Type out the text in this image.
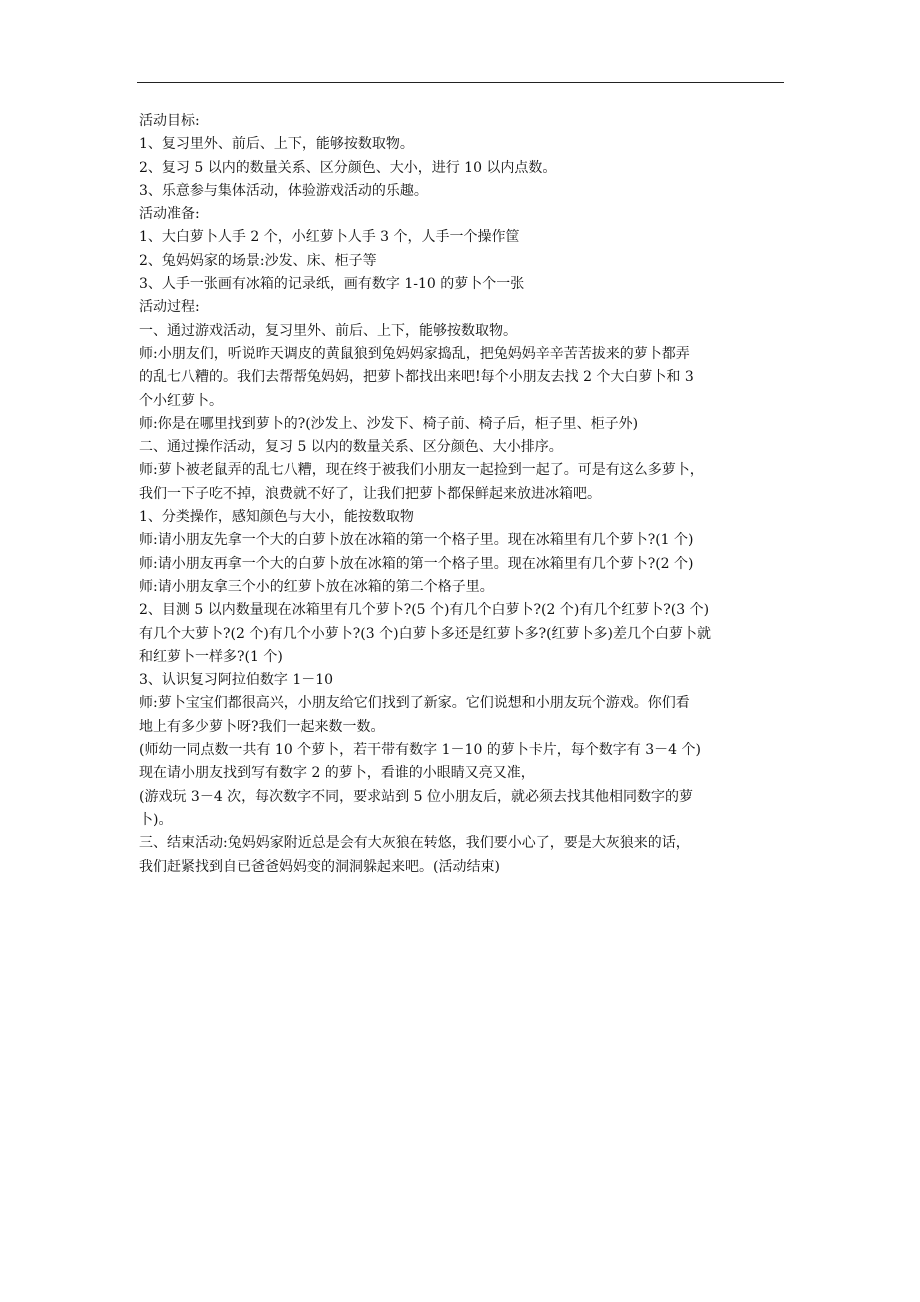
活动目标:
1、复习里外、前后、上下，能够按数取物。
2、复习 5 以内的数量关系、区分颜色、大小，进行 10 以内点数。
3、乐意参与集体活动，体验游戏活动的乐趣。
活动准备:
1、大白萝卜人手 2 个，小红萝卜人手 3 个，人手一个操作筐
2、兔妈妈家的场景:沙发、床、柜子等
3、人手一张画有冰箱的记录纸，画有数字 1-10 的萝卜个一张
活动过程:
一、通过游戏活动，复习里外、前后、上下，能够按数取物。
师:小朋友们，听说昨天调皮的黄鼠狼到兔妈妈家捣乱，把兔妈妈辛辛苦苦拔来的萝卜都弄
的乱七八糟的。我们去帮帮兔妈妈，把萝卜都找出来吧!每个小朋友去找 2 个大白萝卜和 3
个小红萝卜。
师:你是在哪里找到萝卜的?(沙发上、沙发下、椅子前、椅子后，柜子里、柜子外)
二、通过操作活动，复习 5 以内的数量关系、区分颜色、大小排序。
师:萝卜被老鼠弄的乱七八糟，现在终于被我们小朋友一起捡到一起了。可是有这么多萝卜，
我们一下子吃不掉，浪费就不好了，让我们把萝卜都保鲜起来放进冰箱吧。
1、分类操作，感知颜色与大小，能按数取物
师:请小朋友先拿一个大的白萝卜放在冰箱的第一个格子里。现在冰箱里有几个萝卜?(1 个)
师:请小朋友再拿一个大的白萝卜放在冰箱的第一个格子里。现在冰箱里有几个萝卜?(2 个)
师:请小朋友拿三个小的红萝卜放在冰箱的第二个格子里。
2、目测 5 以内数量现在冰箱里有几个萝卜?(5 个)有几个白萝卜?(2 个)有几个红萝卜?(3 个)
有几个大萝卜?(2 个)有几个小萝卜?(3 个)白萝卜多还是红萝卜多?(红萝卜多)差几个白萝卜就
和红萝卜一样多?(1 个)
3、认识复习阿拉伯数字 1－10
师:萝卜宝宝们都很高兴，小朋友给它们找到了新家。它们说想和小朋友玩个游戏。你们看
地上有多少萝卜呀?我们一起来数一数。
(师幼一同点数一共有 10 个萝卜，若干带有数字 1－10 的萝卜卡片，每个数字有 3－4 个)
现在请小朋友找到写有数字 2 的萝卜，看谁的小眼睛又亮又准，
(游戏玩 3－4 次，每次数字不同，要求站到 5 位小朋友后，就必须去找其他相同数字的萝
卜)。
三、结束活动:兔妈妈家附近总是会有大灰狼在转悠，我们要小心了，要是大灰狼来的话，
我们赶紧找到自已爸爸妈妈变的洞洞躲起来吧。(活动结束)
